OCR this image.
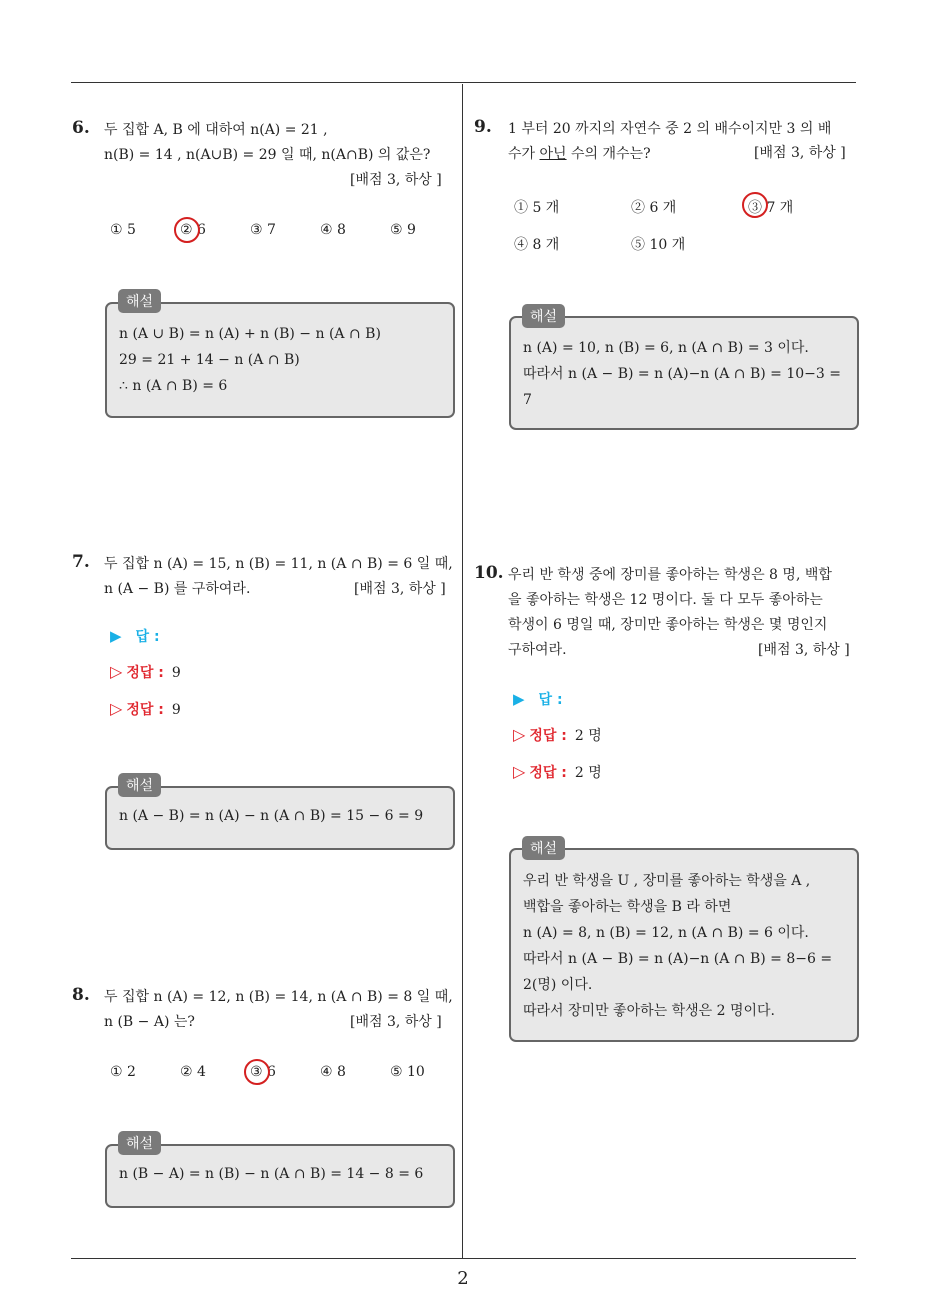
2
6. 두 집합 A, B 에 대하여 n(A) = 21 ,
n(B) = 14 , n(A∪B) = 29 일 때, n(A∩B) 의 값은?
[배점 3, 하상 ]
① 5	② 6	③ 7	④ 8	⑤ 9
n (A ∪ B) = n (A) + n (B) − n (A ∩ B)
29 = 21 + 14 − n (A ∩ B)
∴ n (A ∩ B) = 6
해설
7. 두 집합 n (A) = 15, n (B) = 11, n (A ∩ B) = 6 일 때,
n (A − B) 를 구하여라.	[배점 3, 하상 ]
▶ 답 :
▷ 정답 : 9
▷ 정답 : 9
n (A − B) = n (A) − n (A ∩ B) = 15 − 6 = 9
해설
8. 두 집합 n (A) = 12, n (B) = 14, n (A ∩ B) = 8 일 때,
n (B − A) 는?	[배점 3, 하상 ]
① 2	② 4	③ 6	④ 8	⑤ 10
n (B − A) = n (B) − n (A ∩ B) = 14 − 8 = 6
해설
9. 1 부터 20 까지의 자연수 중 2 의 배수이지만 3 의 배
수가 아닌 수의 개수는?	[배점 3, 하상 ]
① 5 개	② 6 개	③ 7 개
④ 8 개	⑤ 10 개
n (A) = 10, n (B) = 6, n (A ∩ B) = 3 이다.
따라서 n (A − B) = n (A)−n (A ∩ B) = 10−3 =
7
해설
10. 우리 반 학생 중에 장미를 좋아하는 학생은 8 명, 백합
을 좋아하는 학생은 12 명이다. 둘 다 모두 좋아하는
학생이 6 명일 때, 장미만 좋아하는 학생은 몇 명인지
구하여라.	[배점 3, 하상 ]
▶ 답 :
▷ 정답 : 2 명
▷ 정답 : 2 명
우리 반 학생을 U , 장미를 좋아하는 학생을 A ,
백합을 좋아하는 학생을 B 라 하면
n (A) = 8, n (B) = 12, n (A ∩ B) = 6 이다.
따라서 n (A − B) = n (A)−n (A ∩ B) = 8−6 =
2(명) 이다.
따라서 장미만 좋아하는 학생은 2 명이다.
해설
